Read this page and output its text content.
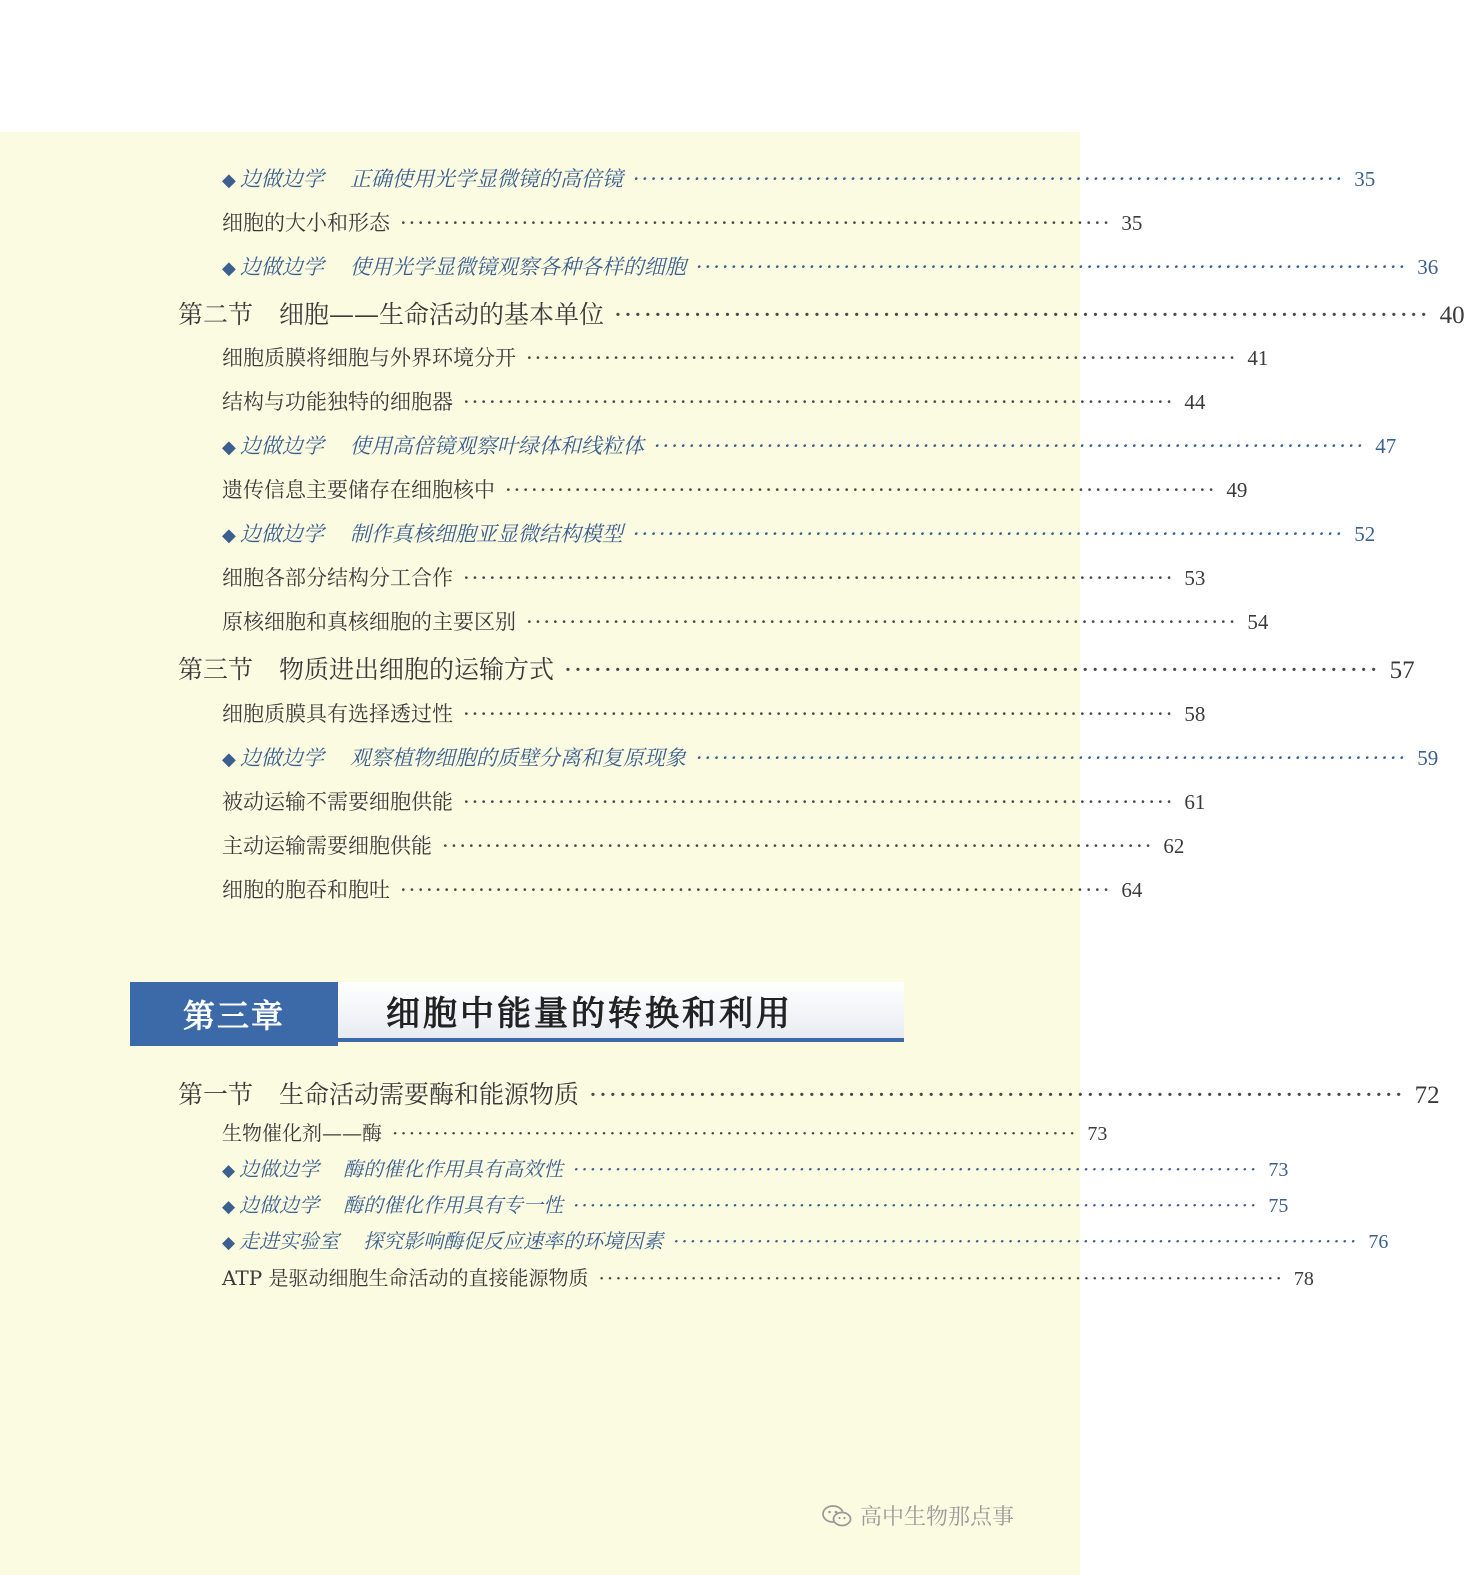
◆ 边做边学 正确使用光学显微镜的高倍镜 ·················································································· 35
细胞的大小和形态 ·················································································· 35
◆ 边做边学 使用光学显微镜观察各种各样的细胞 ·················································································· 36
第二节 细胞——生命活动的基本单位 ·················································································· 40
细胞质膜将细胞与外界环境分开 ·················································································· 41
结构与功能独特的细胞器 ·················································································· 44
◆ 边做边学 使用高倍镜观察叶绿体和线粒体 ·················································································· 47
遗传信息主要储存在细胞核中 ·················································································· 49
◆ 边做边学 制作真核细胞亚显微结构模型 ·················································································· 52
细胞各部分结构分工合作 ·················································································· 53
原核细胞和真核细胞的主要区别 ·················································································· 54
第三节 物质进出细胞的运输方式 ·················································································· 57
细胞质膜具有选择透过性 ·················································································· 58
◆ 边做边学 观察植物细胞的质壁分离和复原现象 ·················································································· 59
被动运输不需要细胞供能 ·················································································· 61
主动运输需要细胞供能 ·················································································· 62
细胞的胞吞和胞吐 ·················································································· 64
第三章	细胞中能量的转换和利用
第一节 生命活动需要酶和能源物质 ·················································································· 72
生物催化剂——酶 ·················································································· 73
◆ 边做边学 酶的催化作用具有高效性 ·················································································· 73
◆ 边做边学 酶的催化作用具有专一性 ·················································································· 75
◆ 走进实验室 探究影响酶促反应速率的环境因素 ·················································································· 76
ATP 是驱动细胞生命活动的直接能源物质 ·················································································· 78
高中生物那点事
